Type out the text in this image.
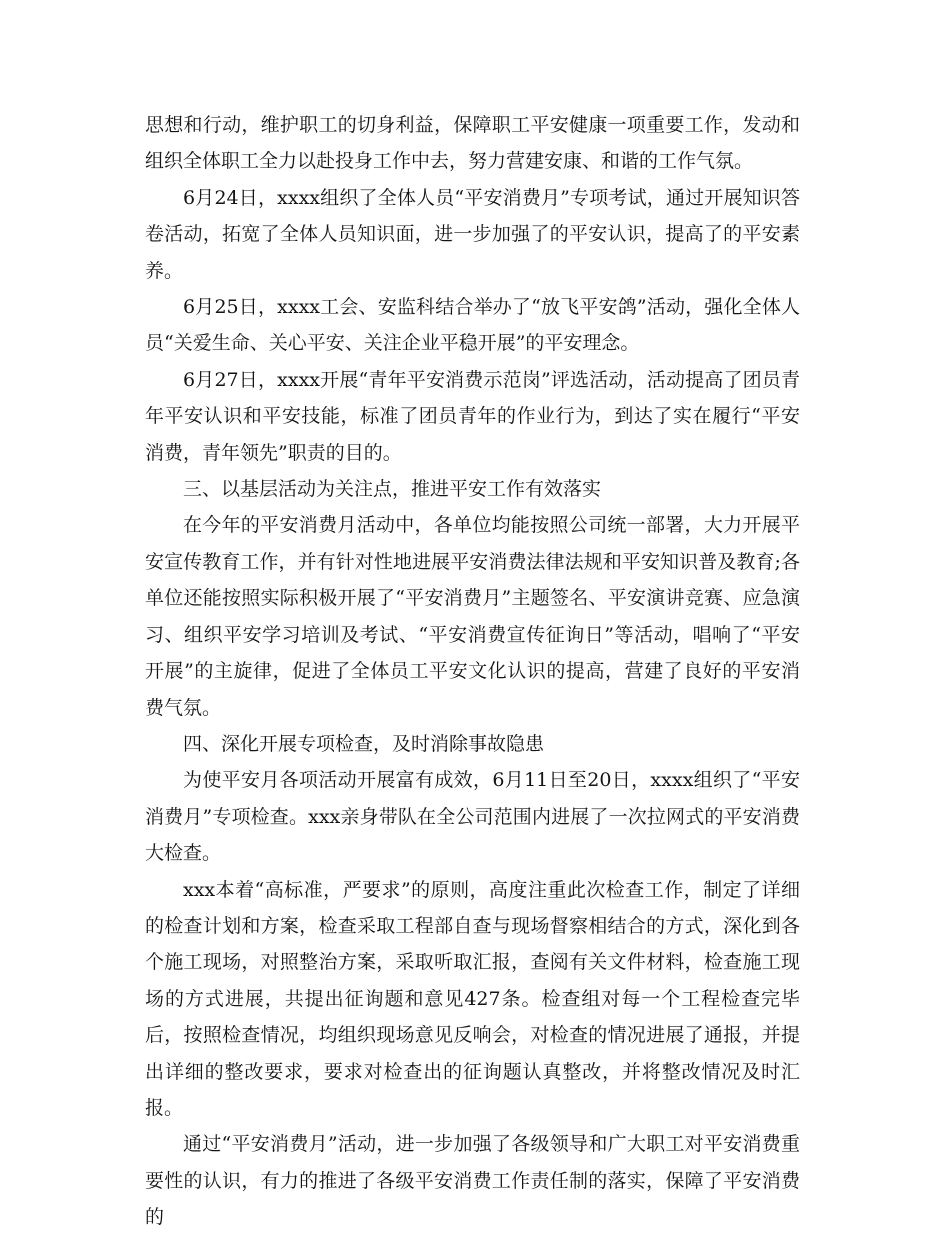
思想和行动，维护职工的切身利益，保障职工平安健康一项重要工作，发动和组织全体职工全力以赴投身工作中去，努力营建安康、和谐的工作气氛。

6月24日，xxxx组织了全体人员“平安消费月”专项考试，通过开展知识答卷活动，拓宽了全体人员知识面，进一步加强了的平安认识，提高了的平安素养。

6月25日，xxxx工会、安监科结合举办了“放飞平安鸽”活动，强化全体人员“关爱生命、关心平安、关注企业平稳开展”的平安理念。

6月27日，xxxx开展“青年平安消费示范岗”评选活动，活动提高了团员青年平安认识和平安技能，标准了团员青年的作业行为，到达了实在履行“平安消费，青年领先”职责的目的。

三、以基层活动为关注点，推进平安工作有效落实

在今年的平安消费月活动中，各单位均能按照公司统一部署，大力开展平安宣传教育工作，并有针对性地进展平安消费法律法规和平安知识普及教育;各单位还能按照实际积极开展了“平安消费月”主题签名、平安演讲竞赛、应急演习、组织平安学习培训及考试、“平安消费宣传征询日”等活动，唱响了“平安开展”的主旋律，促进了全体员工平安文化认识的提高，营建了良好的平安消费气氛。

四、深化开展专项检查，及时消除事故隐患

为使平安月各项活动开展富有成效，6月11日至20日，xxxx组织了“平安消费月”专项检查。xxx亲身带队在全公司范围内进展了一次拉网式的平安消费大检查。

xxx本着“高标准，严要求”的原则，高度注重此次检查工作，制定了详细的检查计划和方案，检查采取工程部自查与现场督察相结合的方式，深化到各个施工现场，对照整治方案，采取听取汇报，查阅有关文件材料，检查施工现场的方式进展，共提出征询题和意见427条。检查组对每一个工程检查完毕后，按照检查情况，均组织现场意见反响会，对检查的情况进展了通报，并提出详细的整改要求，要求对检查出的征询题认真整改，并将整改情况及时汇报。

通过“平安消费月”活动，进一步加强了各级领导和广大职工对平安消费重要性的认识，有力的推进了各级平安消费工作责任制的落实，保障了平安消费的
